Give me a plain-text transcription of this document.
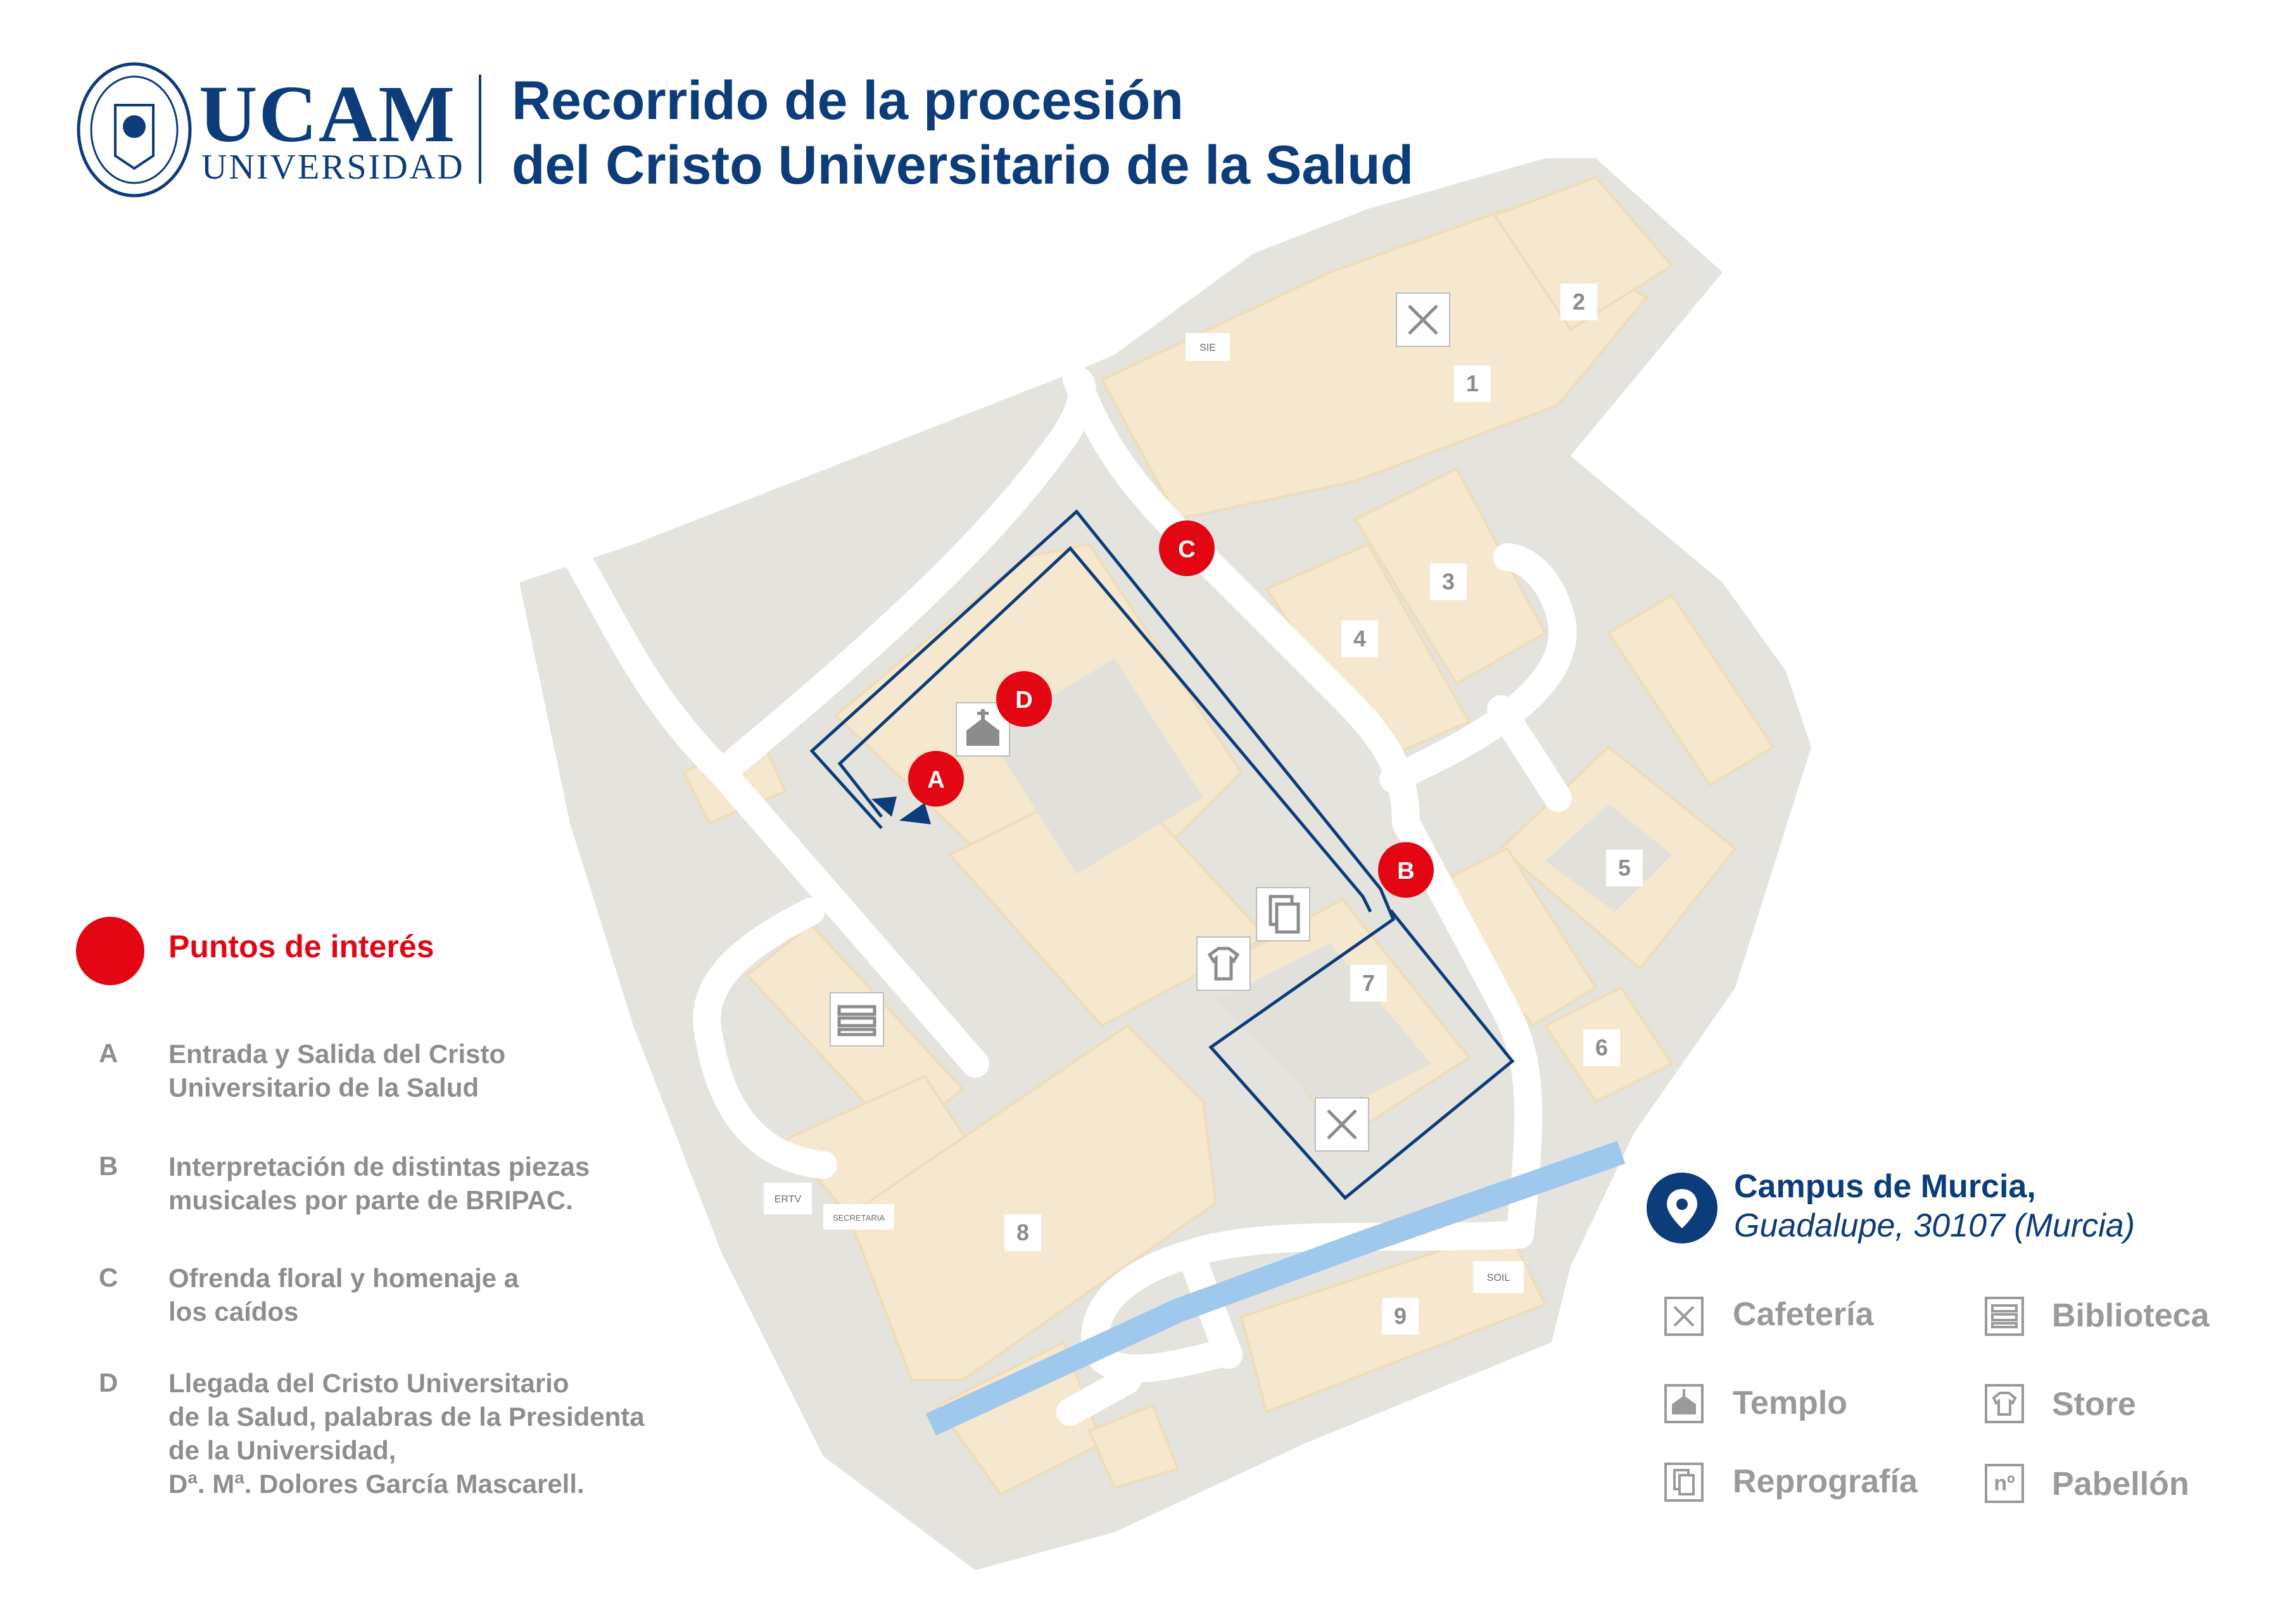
1
2
3
4
5
6
7
8
9
SIE
ERTV
SECRETARIA
SOIL
A
B
C
D
UCAM
UNIVERSIDAD
Recorrido de la procesión
del Cristo Universitario de la Salud
Puntos de interés
A Entrada y Salida del Cristo
Universitario de la Salud
B Interpretación de distintas piezas
musicales por parte de BRIPAC.
C Ofrenda floral y homenaje a
los caídos
D Llegada del Cristo Universitario
de la Salud, palabras de la Presidenta
de la Universidad,
Dª. Mª. Dolores García Mascarell.
Campus de Murcia,
Guadalupe, 30107 (Murcia)
Cafetería	Biblioteca
Templo	Store
Reprografía	nº Pabellón
